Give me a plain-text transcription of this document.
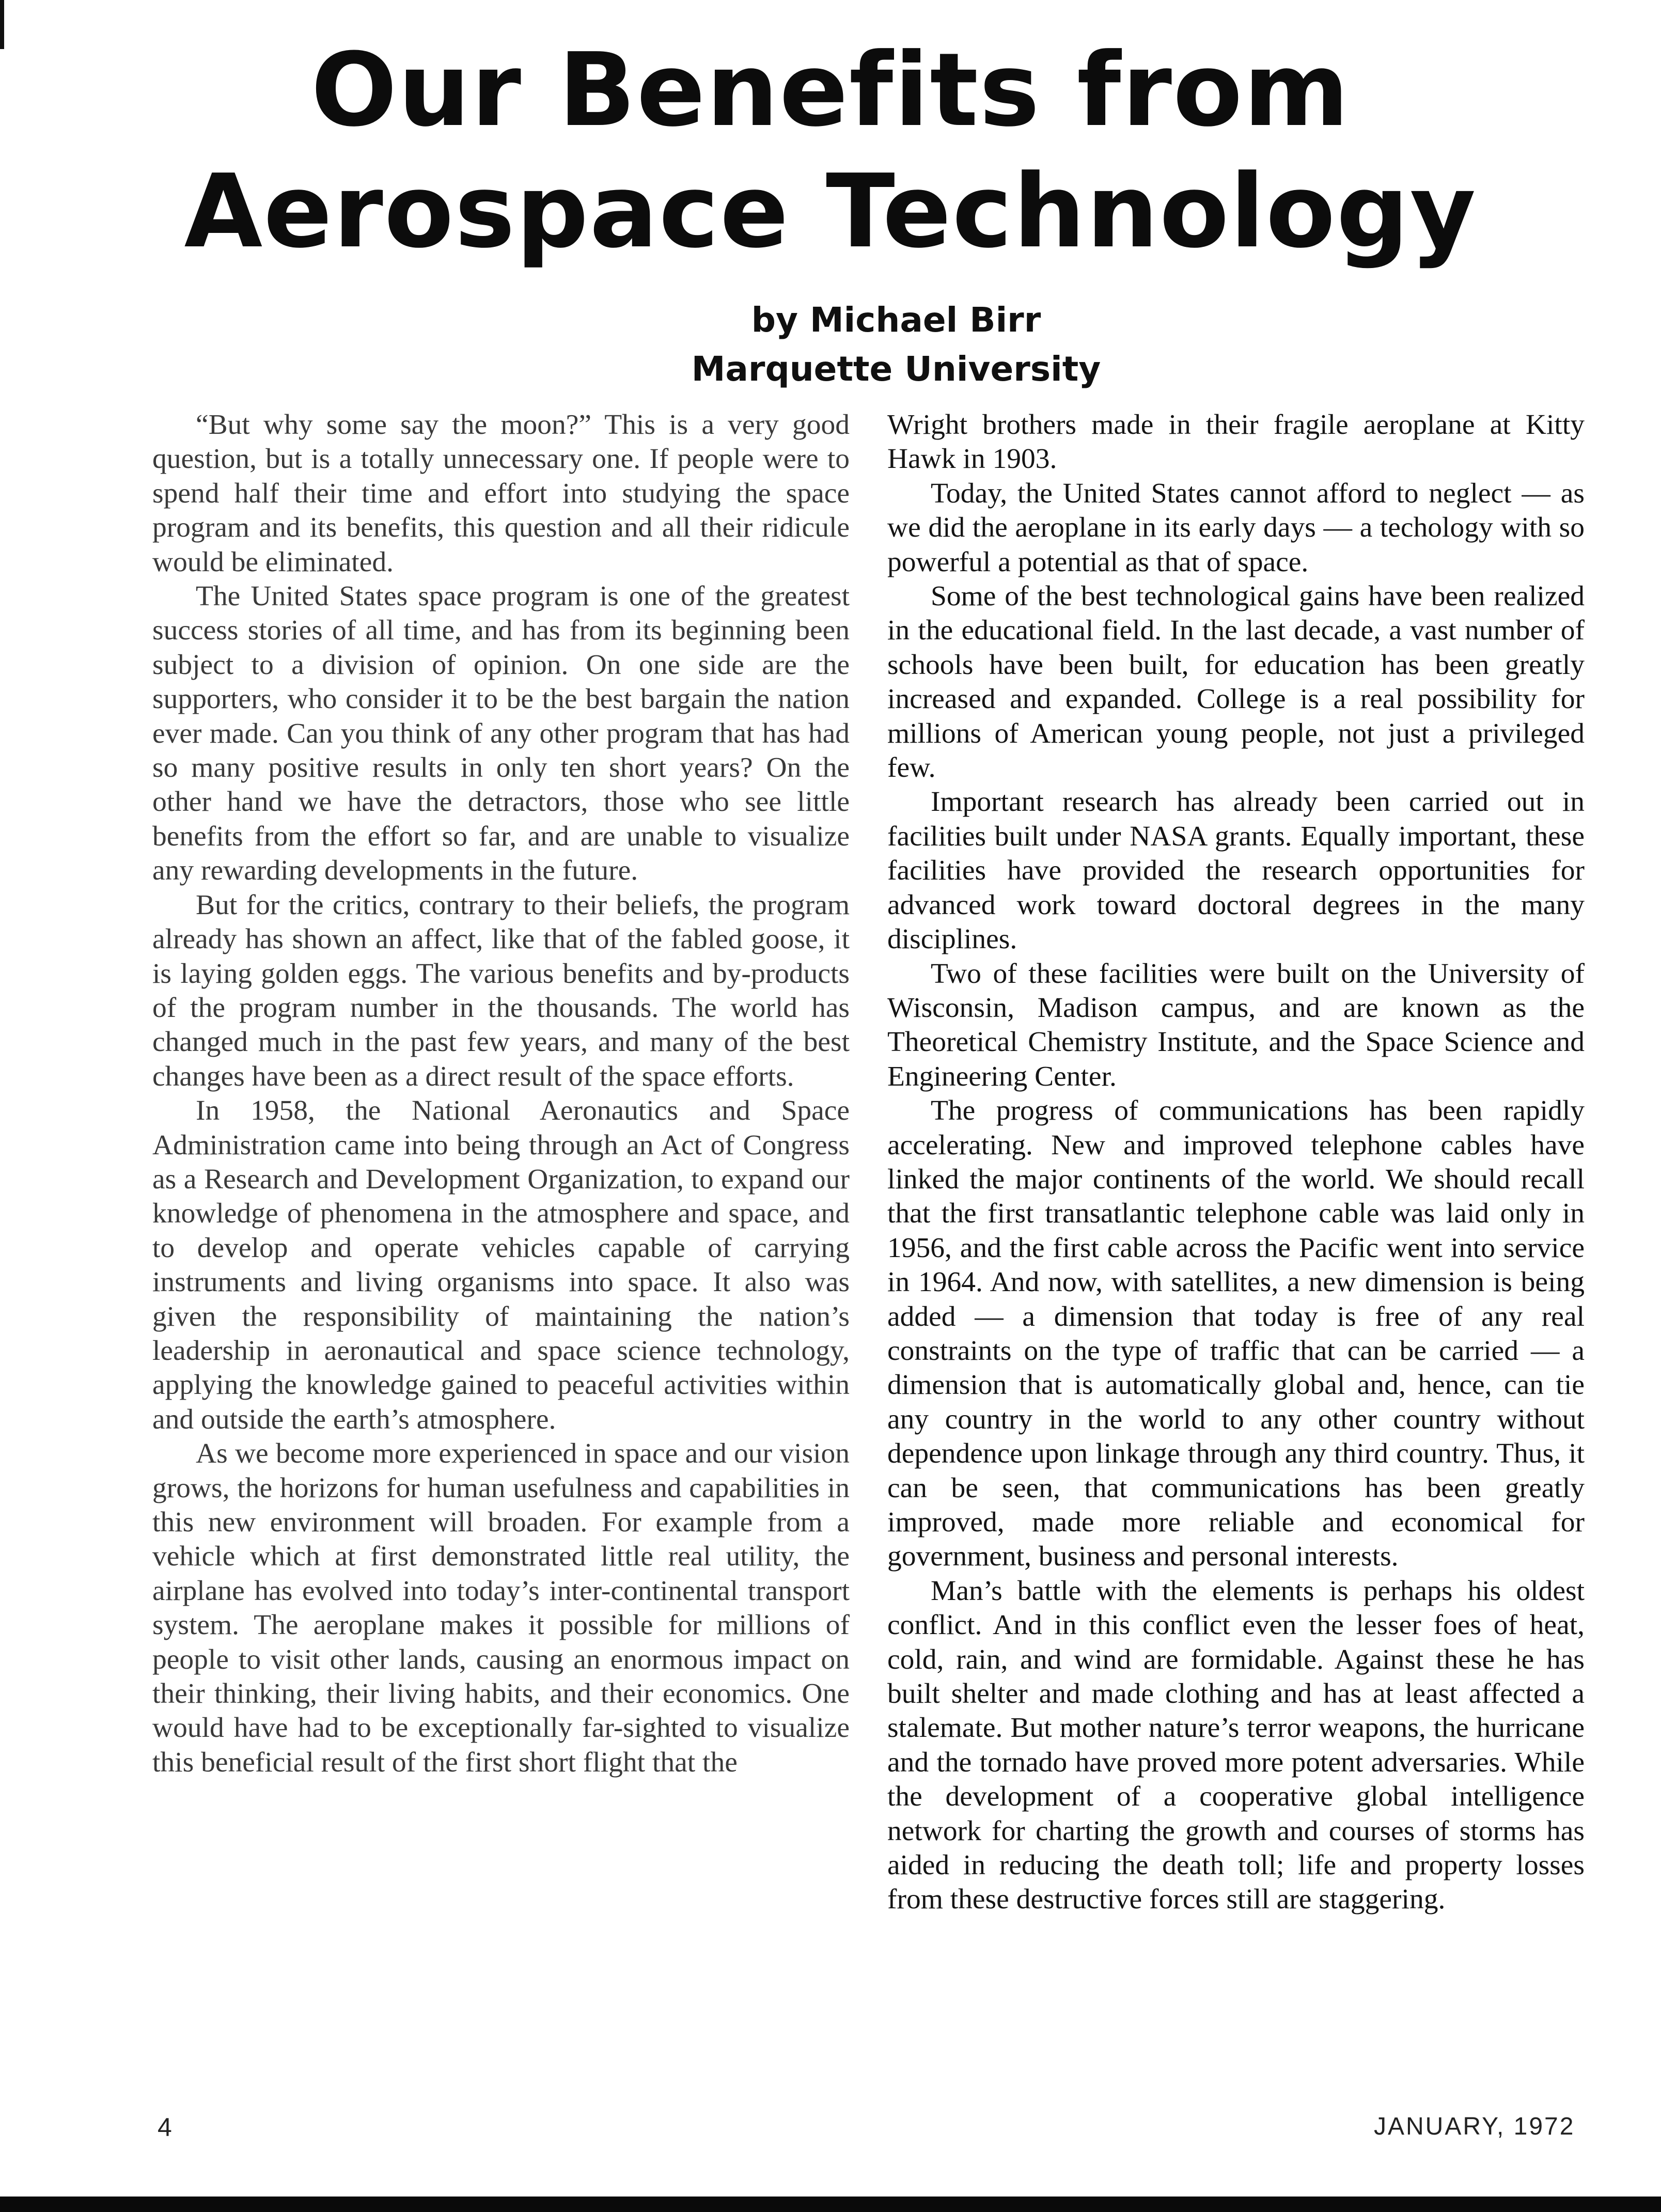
Our Benefits from
Aerospace Technology
by Michael Birr
Marquette University

“But why some say the moon?” This is a very good question, but is a totally unnecessary one. If people were to spend half their time and effort into studying the space program and its benefits, this question and all their ridicule would be eliminated.

The United States space program is one of the greatest success stories of all time, and has from its beginning been subject to a division of opinion. On one side are the supporters, who consider it to be the best bargain the nation ever made. Can you think of any other program that has had so many positive results in only ten short years? On the other hand we have the detractors, those who see little benefits from the effort so far, and are unable to visualize any rewarding developments in the future.

But for the critics, contrary to their beliefs, the program already has shown an affect, like that of the fabled goose, it is laying golden eggs. The various benefits and by-products of the program number in the thousands. The world has changed much in the past few years, and many of the best changes have been as a direct result of the space efforts.

In 1958, the National Aeronautics and Space Administration came into being through an Act of Congress as a Research and Development Organization, to expand our knowledge of phenomena in the atmosphere and space, and to develop and operate vehicles capable of carrying instruments and living organisms into space. It also was given the responsibility of maintaining the nation’s leadership in aeronautical and space science technology, applying the knowledge gained to peaceful activities within and outside the earth’s atmosphere.

As we become more experienced in space and our vision grows, the horizons for human usefulness and capabilities in this new environment will broaden. For example from a vehicle which at first demonstrated little real utility, the airplane has evolved into today’s inter-continental transport system. The aeroplane makes it possible for millions of people to visit other lands, causing an enormous impact on their thinking, their living habits, and their economics. One would have had to be exceptionally far-sighted to visualize this beneficial result of the first short flight that the

Wright brothers made in their fragile aeroplane at Kitty Hawk in 1903.

Today, the United States cannot afford to neglect — as we did the aeroplane in its early days — a techology with so powerful a potential as that of space.

Some of the best technological gains have been realized in the educational field. In the last decade, a vast number of schools have been built, for education has been greatly increased and expanded. College is a real possibility for millions of American young people, not just a privileged few.

Important research has already been carried out in facilities built under NASA grants. Equally important, these facilities have provided the research opportunities for advanced work toward doctoral degrees in the many disciplines.

Two of these facilities were built on the University of Wisconsin, Madison campus, and are known as the Theoretical Chemistry Institute, and the Space Science and Engineering Center.

The progress of communications has been rapidly accelerating. New and improved telephone cables have linked the major continents of the world. We should recall that the first transatlantic telephone cable was laid only in 1956, and the first cable across the Pacific went into service in 1964. And now, with satellites, a new dimension is being added — a dimension that today is free of any real constraints on the type of traffic that can be carried — a dimension that is automatically global and, hence, can tie any country in the world to any other country without dependence upon linkage through any third country. Thus, it can be seen, that communications has been greatly improved, made more reliable and economical for government, business and personal interests.

Man’s battle with the elements is perhaps his oldest conflict. And in this conflict even the lesser foes of heat, cold, rain, and wind are formidable. Against these he has built shelter and made clothing and has at least affected a stalemate. But mother nature’s terror weapons, the hurricane and the tornado have proved more potent adversaries. While the development of a cooperative global intelligence network for charting the growth and courses of storms has aided in reducing the death toll; life and property losses from these destructive forces still are staggering.

4	JANUARY, 1972
